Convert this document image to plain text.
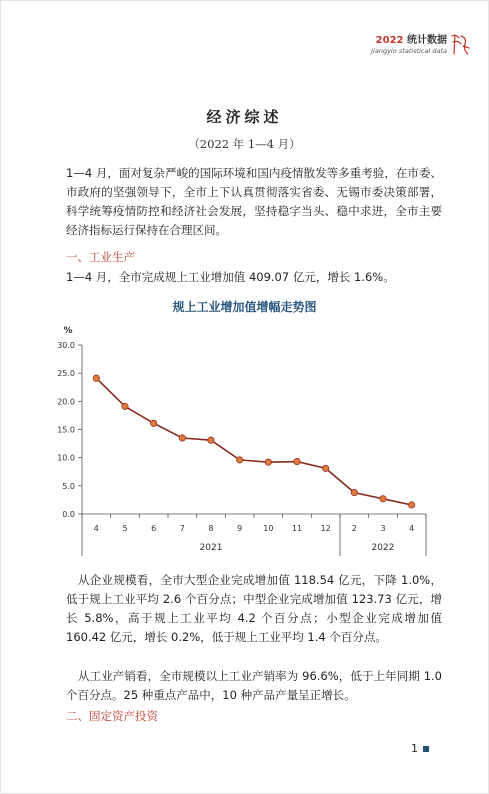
2022 统计数据
Jiangyin statistical data
经济综述
（2022 年 1—4 月）

1—4 月，面对复杂严峻的国际环境和国内疫情散发等多重考验，在市委、市政府的坚强领导下，全市上下认真贯彻落实省委、无锡市委决策部署，科学统筹疫情防控和经济社会发展，坚持稳字当头、稳中求进，全市主要经济指标运行保持在合理区间。

一、工业生产

1—4 月，全市完成规上工业增加值 409.07 亿元，增长 1.6%。

规上工业增加值增幅走势图
%
0.0
5.0
10.0
15.0
20.0
25.0
30.0
4	5	6	7	8	9	10 11 12	2	3	4
2021	2022

从企业规模看，全市大型企业完成增加值 118.54 亿元，下降 1.0%，低于规上工业平均 2.6 个百分点；中型企业完成增加值 123.73 亿元，增长 5.8%，高于规上工业平均 4.2 个百分点；小型企业完成增加值 160.42 亿元，增长 0.2%，低于规上工业平均 1.4 个百分点。

从工业产销看，全市规模以上工业产销率为 96.6%，低于上年同期 1.0 个百分点。25 种重点产品中，10 种产品产量呈正增长。

二、固定资产投资
1
